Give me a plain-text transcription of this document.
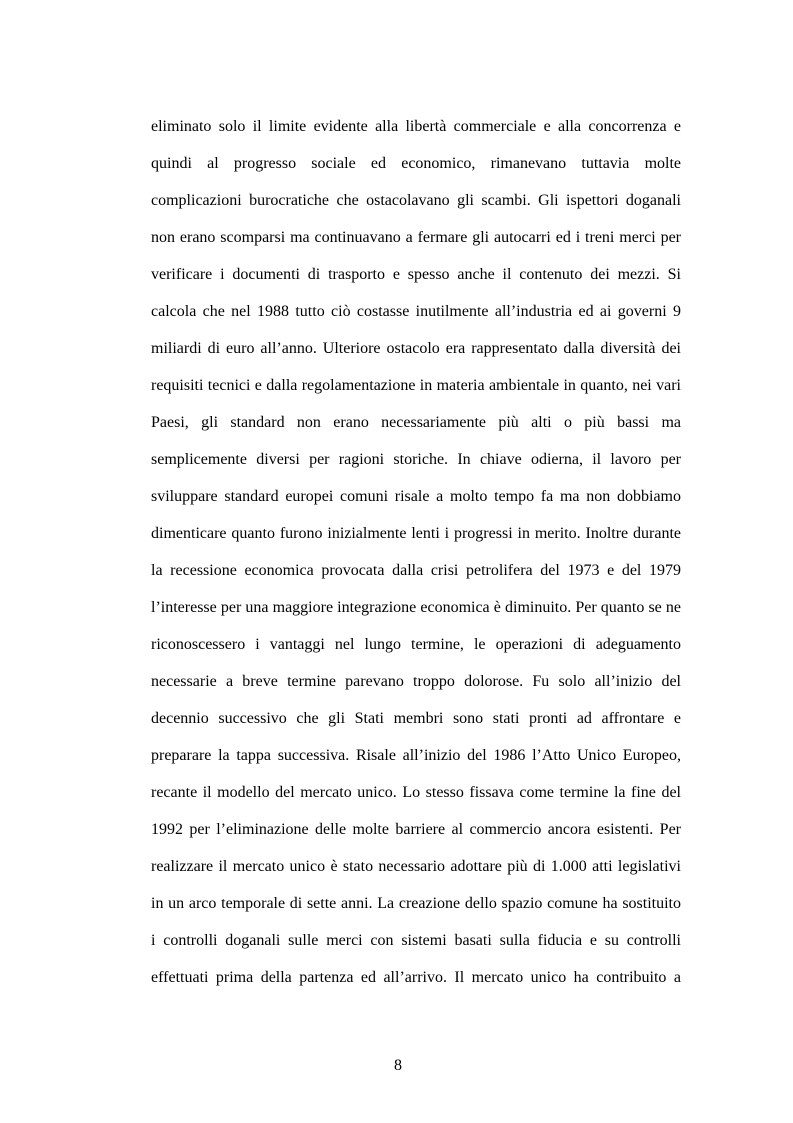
eliminato solo il limite evidente alla libertà commerciale e alla concorrenza e

quindi al progresso sociale ed economico, rimanevano tuttavia molte

complicazioni burocratiche che ostacolavano gli scambi. Gli ispettori doganali

non erano scomparsi ma continuavano a fermare gli autocarri ed i treni merci per

verificare i documenti di trasporto e spesso anche il contenuto dei mezzi. Si

calcola che nel 1988 tutto ciò costasse inutilmente all’industria ed ai governi 9

miliardi di euro all’anno. Ulteriore ostacolo era rappresentato dalla diversità dei

requisiti tecnici e dalla regolamentazione in materia ambientale in quanto, nei vari

Paesi, gli standard non erano necessariamente più alti o più bassi ma

semplicemente diversi per ragioni storiche. In chiave odierna, il lavoro per

sviluppare standard europei comuni risale a molto tempo fa ma non dobbiamo

dimenticare quanto furono inizialmente lenti i progressi in merito. Inoltre durante

la recessione economica provocata dalla crisi petrolifera del 1973 e del 1979

l’interesse per una maggiore integrazione economica è diminuito. Per quanto se ne

riconoscessero i vantaggi nel lungo termine, le operazioni di adeguamento

necessarie a breve termine parevano troppo dolorose. Fu solo all’inizio del

decennio successivo che gli Stati membri sono stati pronti ad affrontare e

preparare la tappa successiva. Risale all’inizio del 1986 l’Atto Unico Europeo,

recante il modello del mercato unico. Lo stesso fissava come termine la fine del

1992 per l’eliminazione delle molte barriere al commercio ancora esistenti. Per

realizzare il mercato unico è stato necessario adottare più di 1.000 atti legislativi

in un arco temporale di sette anni. La creazione dello spazio comune ha sostituito

i controlli doganali sulle merci con sistemi basati sulla fiducia e su controlli

effettuati prima della partenza ed all’arrivo. Il mercato unico ha contribuito a

8
